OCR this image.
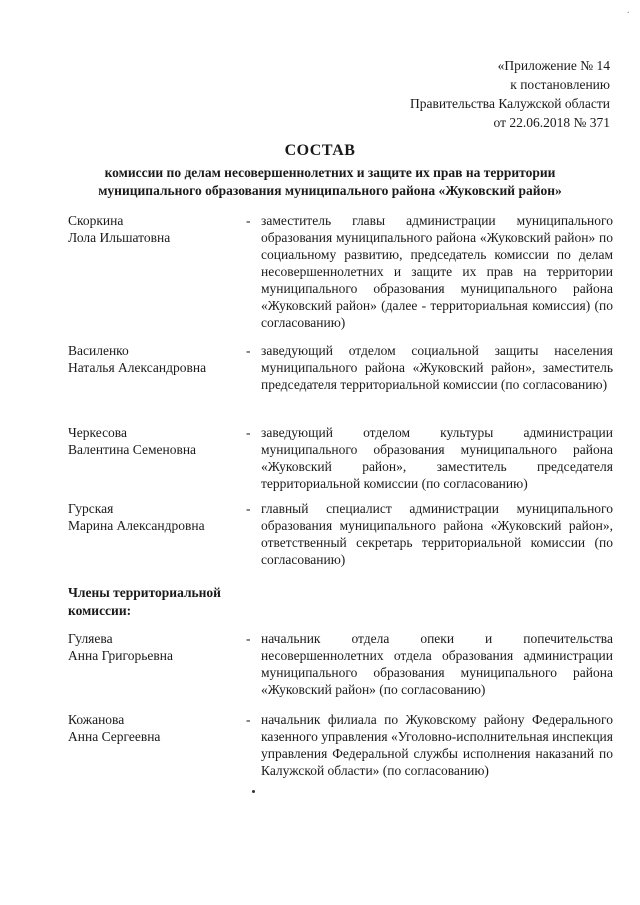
·
«Приложение № 14
к постановлению
Правительства Калужской области
от 22.06.2018 № 371
СОСТАВ
комиссии по делам несовершеннолетних и защите их прав на территории муниципального образования муниципального района «Жуковский район»
Скоркина
Лола Ильшатовна
- заместитель главы администрации муниципального образования муниципального района «Жуковский район» по социальному развитию, председатель комиссии по делам несовершеннолетних и защите их прав на территории муниципального образования муниципального района «Жуковский район» (далее - территориальная комиссия) (по согласованию)
Василенко
Наталья Александровна
- заведующий отделом социальной защиты населения муниципального района «Жуковский район», заместитель председателя территориальной комиссии (по согласованию)
Черкесова
Валентина Семеновна
- заведующий отделом культуры администрации муниципального образования муниципального района «Жуковский район», заместитель председателя территориальной комиссии (по согласованию)
Гурская
Марина Александровна
- главный специалист администрации муниципального образования муниципального района «Жуковский район», ответственный секретарь территориальной комиссии (по согласованию)
Члены территориальной комиссии:
Гуляева
Анна Григорьевна
- начальник отдела опеки и попечительства несовершеннолетних отдела образования администрации муниципального образования муниципального района «Жуковский район» (по согласованию)
Кожанова
Анна Сергеевна
- начальник филиала по Жуковскому району Федерального казенного управления «Уголовно-исполнительная инспекция управления Федеральной службы исполнения наказаний по Калужской области» (по согласованию)
